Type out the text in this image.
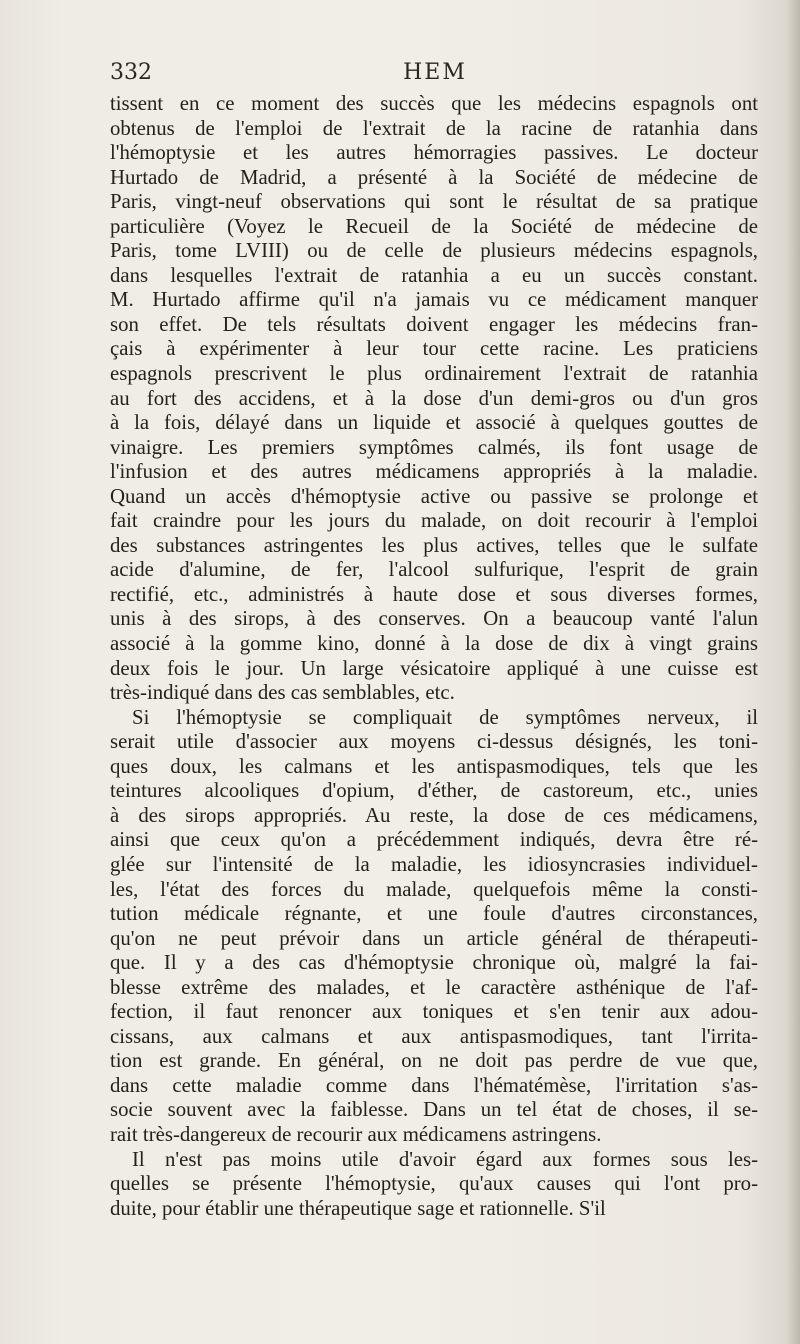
332	HEM
tissent en ce moment des succès que les médecins espagnols ont
obtenus de l'emploi de l'extrait de la racine de ratanhia dans
l'hémoptysie et les autres hémorragies passives. Le docteur
Hurtado de Madrid, a présenté à la Société de médecine de
Paris, vingt-neuf observations qui sont le résultat de sa pratique
particulière (Voyez le Recueil de la Société de médecine de
Paris, tome LVIII) ou de celle de plusieurs médecins espagnols,
dans lesquelles l'extrait de ratanhia a eu un succès constant.
M. Hurtado affirme qu'il n'a jamais vu ce médicament manquer
son effet. De tels résultats doivent engager les médecins fran-
çais à expérimenter à leur tour cette racine. Les praticiens
espagnols prescrivent le plus ordinairement l'extrait de ratanhia
au fort des accidens, et à la dose d'un demi-gros ou d'un gros
à la fois, délayé dans un liquide et associé à quelques gouttes de
vinaigre. Les premiers symptômes calmés, ils font usage de
l'infusion et des autres médicamens appropriés à la maladie.
Quand un accès d'hémoptysie active ou passive se prolonge et
fait craindre pour les jours du malade, on doit recourir à l'emploi
des substances astringentes les plus actives, telles que le sulfate
acide d'alumine, de fer, l'alcool sulfurique, l'esprit de grain
rectifié, etc., administrés à haute dose et sous diverses formes,
unis à des sirops, à des conserves. On a beaucoup vanté l'alun
associé à la gomme kino, donné à la dose de dix à vingt grains
deux fois le jour. Un large vésicatoire appliqué à une cuisse est
très-indiqué dans des cas semblables, etc.
Si l'hémoptysie se compliquait de symptômes nerveux, il
serait utile d'associer aux moyens ci-dessus désignés, les toni-
ques doux, les calmans et les antispasmodiques, tels que les
teintures alcooliques d'opium, d'éther, de castoreum, etc., unies
à des sirops appropriés. Au reste, la dose de ces médicamens,
ainsi que ceux qu'on a précédemment indiqués, devra être ré-
glée sur l'intensité de la maladie, les idiosyncrasies individuel-
les, l'état des forces du malade, quelquefois même la consti-
tution médicale régnante, et une foule d'autres circonstances,
qu'on ne peut prévoir dans un article général de thérapeuti-
que. Il y a des cas d'hémoptysie chronique où, malgré la fai-
blesse extrême des malades, et le caractère asthénique de l'af-
fection, il faut renoncer aux toniques et s'en tenir aux adou-
cissans, aux calmans et aux antispasmodiques, tant l'irrita-
tion est grande. En général, on ne doit pas perdre de vue que,
dans cette maladie comme dans l'hématémèse, l'irritation s'as-
socie souvent avec la faiblesse. Dans un tel état de choses, il se-
rait très-dangereux de recourir aux médicamens astringens.
Il n'est pas moins utile d'avoir égard aux formes sous les-
quelles se présente l'hémoptysie, qu'aux causes qui l'ont pro-
duite, pour établir une thérapeutique sage et rationnelle. S'il
